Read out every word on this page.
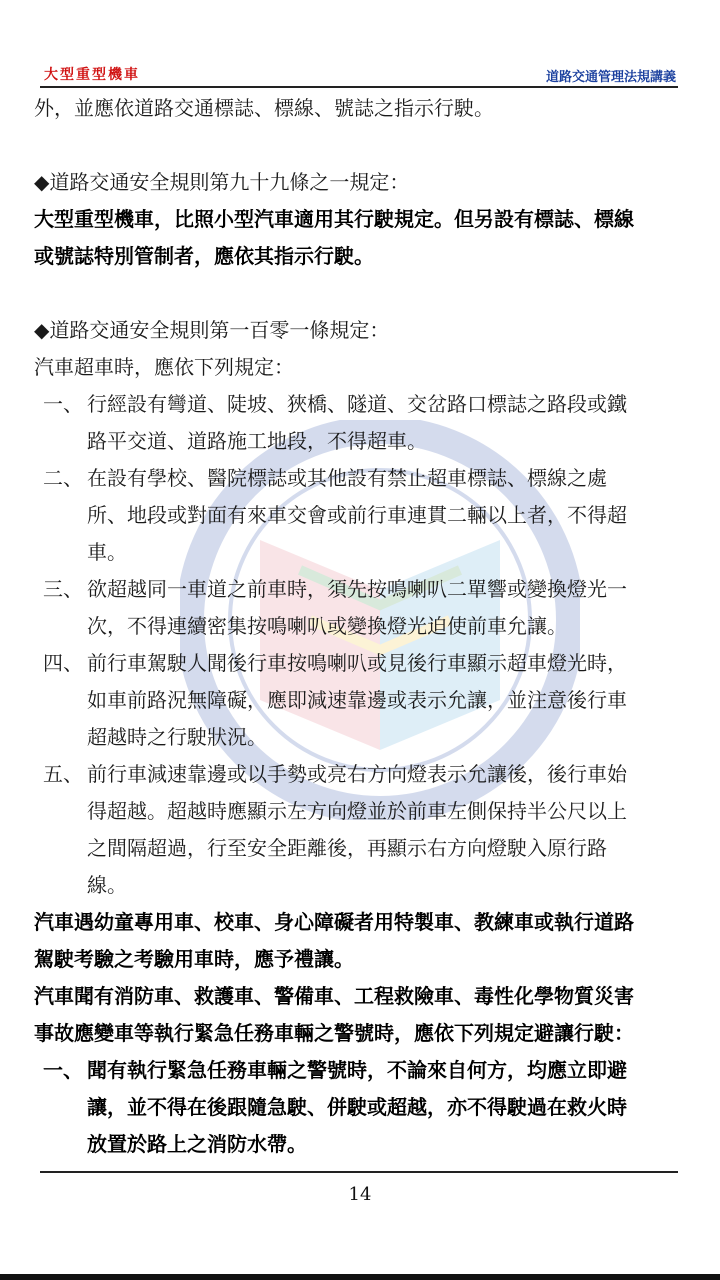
大型重型機車	道路交通管理法規講義
外，並應依道路交通標誌、標線、號誌之指示行駛。
◆道路交通安全規則第九十九條之一規定：
大型重型機車，比照小型汽車適用其行駛規定。但另設有標誌、標線
或號誌特別管制者，應依其指示行駛。
◆道路交通安全規則第一百零一條規定：
汽車超車時，應依下列規定：
一、 行經設有彎道、陡坡、狹橋、隧道、交岔路口標誌之路段或鐵
路平交道、道路施工地段，不得超車。
二、 在設有學校、醫院標誌或其他設有禁止超車標誌、標線之處
所、地段或對面有來車交會或前行車連貫二輛以上者，不得超
車。
三、 欲超越同一車道之前車時，須先按鳴喇叭二單響或變換燈光一
次，不得連續密集按鳴喇叭或變換燈光迫使前車允讓。
四、 前行車駕駛人聞後行車按鳴喇叭或見後行車顯示超車燈光時，
如車前路況無障礙，應即減速靠邊或表示允讓，並注意後行車
超越時之行駛狀況。
五、 前行車減速靠邊或以手勢或亮右方向燈表示允讓後，後行車始
得超越。超越時應顯示左方向燈並於前車左側保持半公尺以上
之間隔超過，行至安全距離後，再顯示右方向燈駛入原行路
線。
汽車遇幼童專用車、校車、身心障礙者用特製車、教練車或執行道路
駕駛考驗之考驗用車時，應予禮讓。
汽車聞有消防車、救護車、警備車、工程救險車、毒性化學物質災害
事故應變車等執行緊急任務車輛之警號時，應依下列規定避讓行駛：
一、 聞有執行緊急任務車輛之警號時，不論來自何方，均應立即避
讓，並不得在後跟隨急駛、併駛或超越，亦不得駛過在救火時
放置於路上之消防水帶。
14
